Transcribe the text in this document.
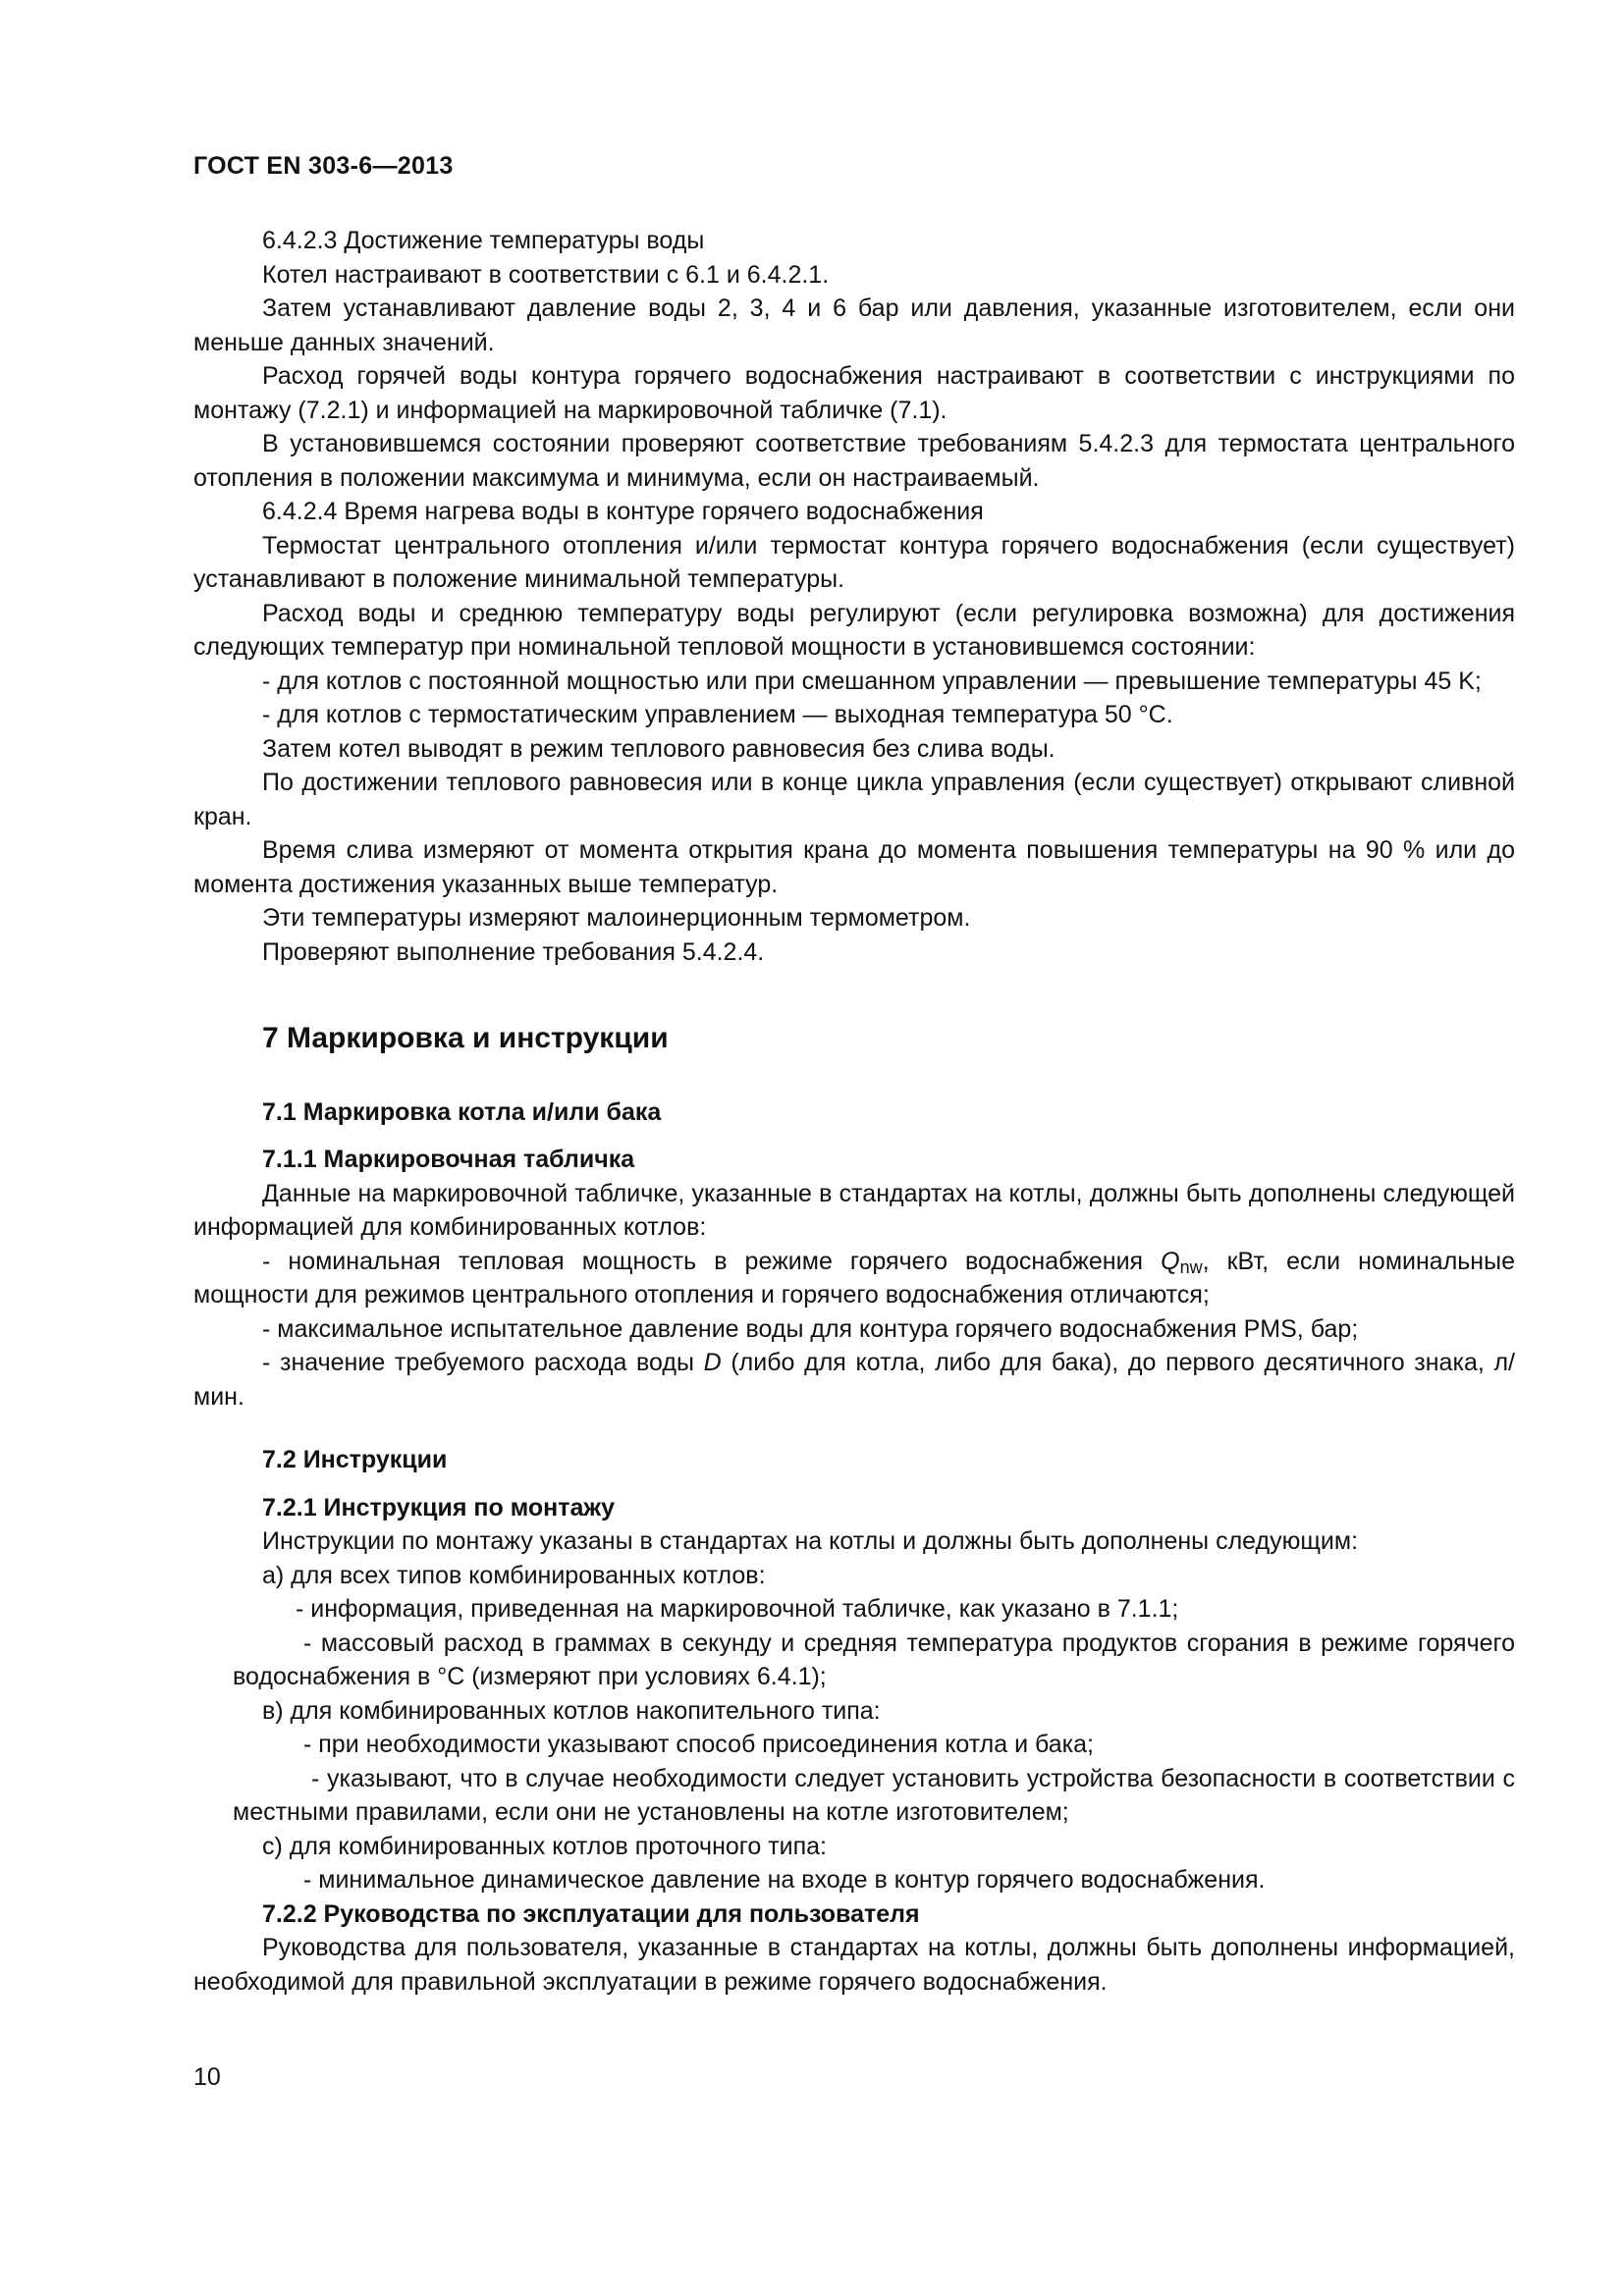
ГОСТ EN 303-6—2013

6.4.2.3 Достижение температуры воды

Котел настраивают в соответствии с 6.1 и 6.4.2.1.

Затем устанавливают давление воды 2, 3, 4 и 6 бар или давления, указанные изготовителем, если они меньше данных значений.

Расход горячей воды контура горячего водоснабжения настраивают в соответствии с инструкциями по монтажу (7.2.1) и информацией на маркировочной табличке (7.1).

В установившемся состоянии проверяют соответствие требованиям 5.4.2.3 для термостата центрального отопления в положении максимума и минимума, если он настраиваемый.

6.4.2.4 Время нагрева воды в контуре горячего водоснабжения

Термостат центрального отопления и/или термостат контура горячего водоснабжения (если существует) устанавливают в положение минимальной температуры.

Расход воды и среднюю температуру воды регулируют (если регулировка возможна) для достижения следующих температур при номинальной тепловой мощности в установившемся состоянии:

- для котлов с постоянной мощностью или при смешанном управлении — превышение температуры 45 K;

- для котлов с термостатическим управлением — выходная температура 50 °C.

Затем котел выводят в режим теплового равновесия без слива воды.

По достижении теплового равновесия или в конце цикла управления (если существует) открывают сливной кран.

Время слива измеряют от момента открытия крана до момента повышения температуры на 90 % или до момента достижения указанных выше температур.

Эти температуры измеряют малоинерционным термометром.

Проверяют выполнение требования 5.4.2.4.

7 Маркировка и инструкции

7.1 Маркировка котла и/или бака

7.1.1 Маркировочная табличка

Данные на маркировочной табличке, указанные в стандартах на котлы, должны быть дополнены следующей информацией для комбинированных котлов:

- номинальная тепловая мощность в режиме горячего водоснабжения $Q_{nw}$, кВт, если номинальные мощности для режимов центрального отопления и горячего водоснабжения отличаются;

- максимальное испытательное давление воды для контура горячего водоснабжения PMS, бар;

- значение требуемого расхода воды D (либо для котла, либо для бака), до первого десятичного знака, л/мин.

7.2 Инструкции

7.2.1 Инструкция по монтажу

Инструкции по монтажу указаны в стандартах на котлы и должны быть дополнены следующим:

а) для всех типов комбинированных котлов:

- информация, приведенная на маркировочной табличке, как указано в 7.1.1;

- массовый расход в граммах в секунду и средняя температура продуктов сгорания в режиме горячего водоснабжения в °C (измеряют при условиях 6.4.1);

в) для комбинированных котлов накопительного типа:

- при необходимости указывают способ присоединения котла и бака;

- указывают, что в случае необходимости следует установить устройства безопасности в соответствии с местными правилами, если они не установлены на котле изготовителем;

с) для комбинированных котлов проточного типа:

- минимальное динамическое давление на входе в контур горячего водоснабжения.

7.2.2 Руководства по эксплуатации для пользователя

Руководства для пользователя, указанные в стандартах на котлы, должны быть дополнены информацией, необходимой для правильной эксплуатации в режиме горячего водоснабжения.

10
